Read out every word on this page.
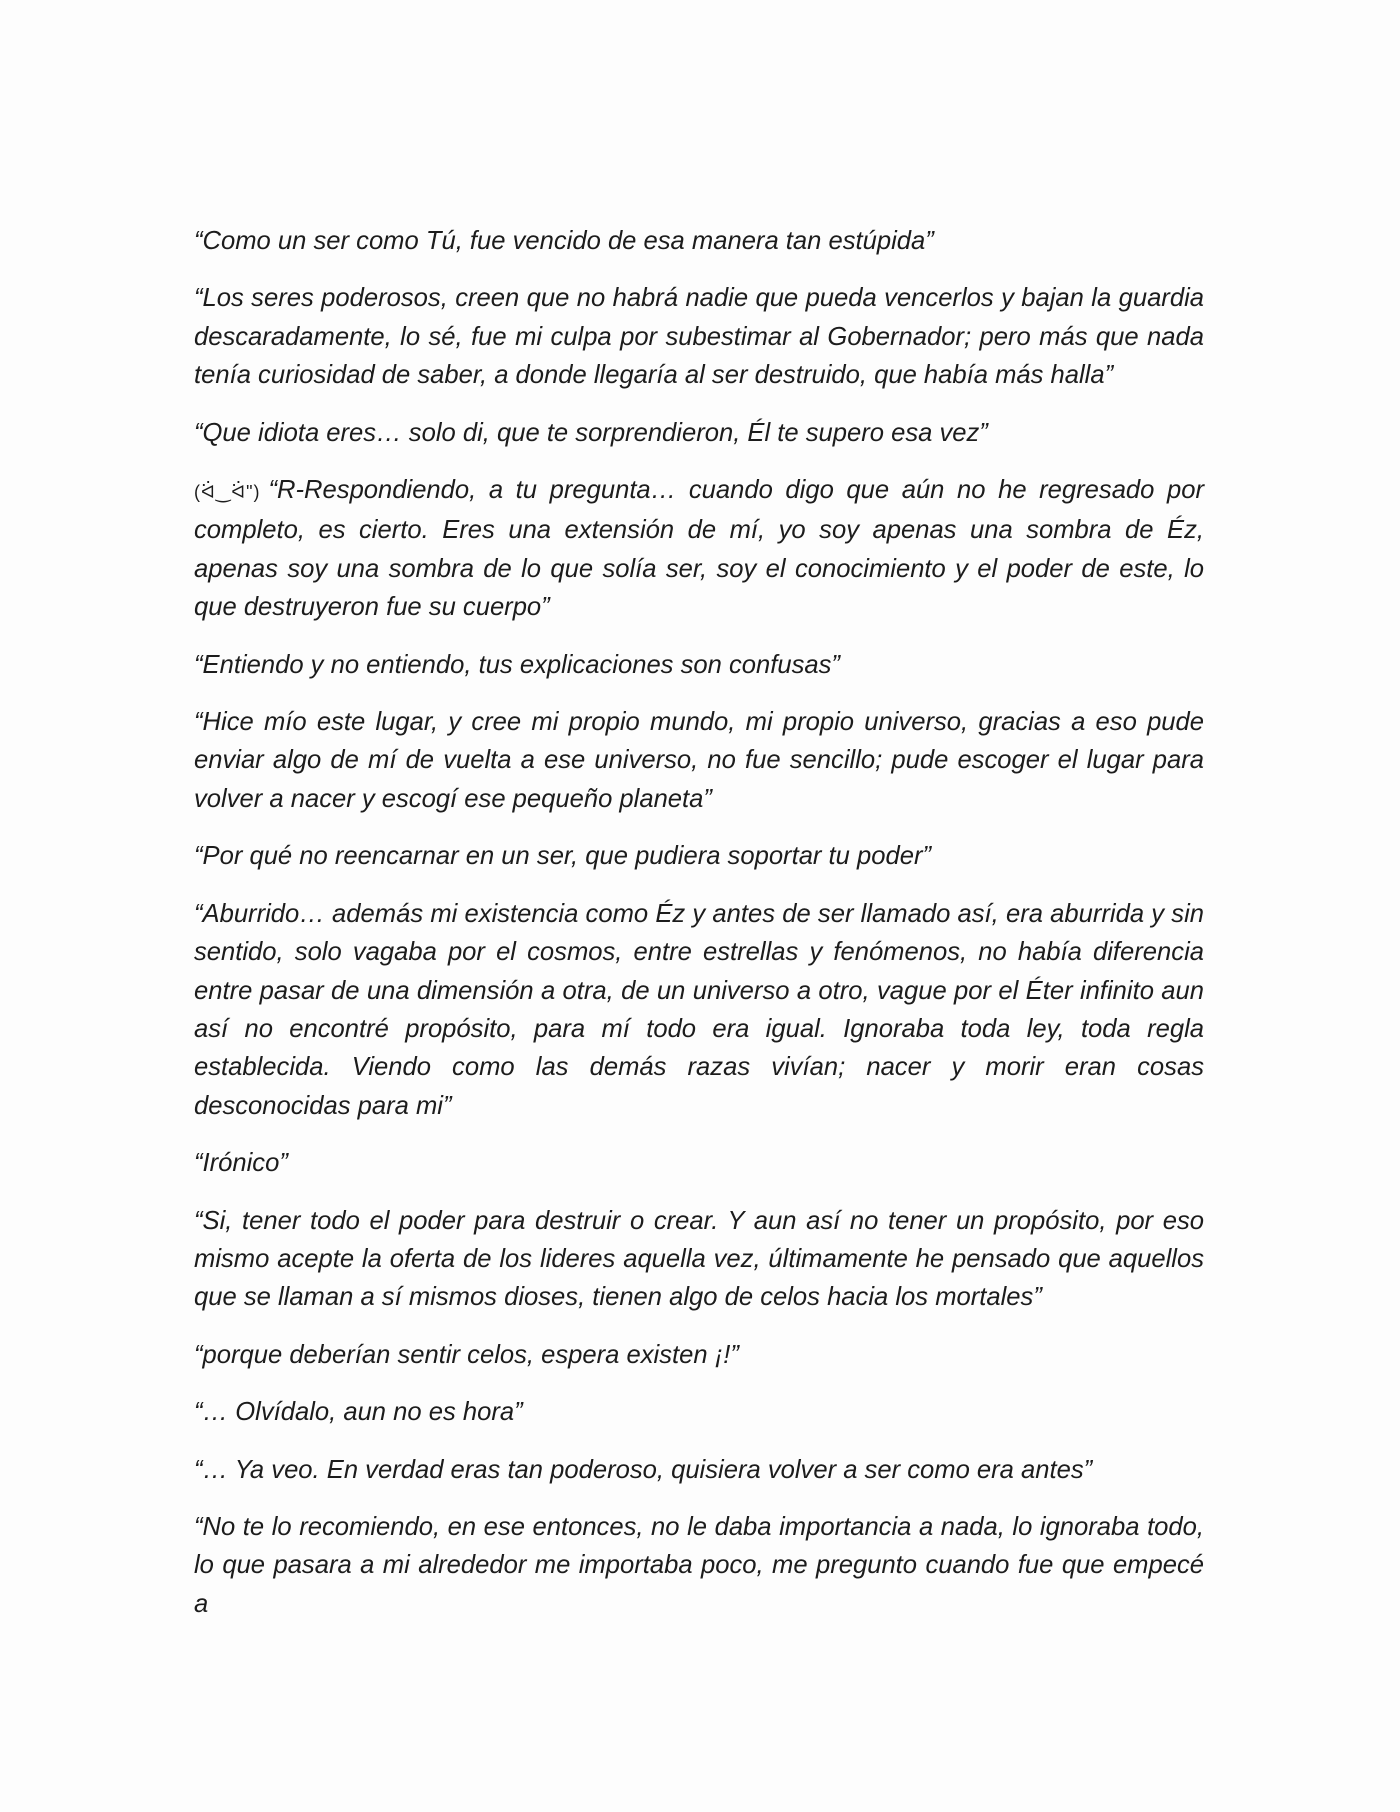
“Como un ser como Tú, fue vencido de esa manera tan estúpida”

“Los seres poderosos, creen que no habrá nadie que pueda vencerlos y bajan la guardia descaradamente, lo sé, fue mi culpa por subestimar al Gobernador; pero más que nada tenía curiosidad de saber, a donde llegaría al ser destruido, que había más halla”

“Que idiota eres… solo di, que te sorprendieron, Él te supero esa vez”

(ᐛ‿ᐛ") “R-Respondiendo, a tu pregunta… cuando digo que aún no he regresado por completo, es cierto. Eres una extensión de mí, yo soy apenas una sombra de Éz, apenas soy una sombra de lo que solía ser, soy el conocimiento y el poder de este, lo que destruyeron fue su cuerpo”

“Entiendo y no entiendo, tus explicaciones son confusas”

“Hice mío este lugar, y cree mi propio mundo, mi propio universo, gracias a eso pude enviar algo de mí de vuelta a ese universo, no fue sencillo; pude escoger el lugar para volver a nacer y escogí ese pequeño planeta”

“Por qué no reencarnar en un ser, que pudiera soportar tu poder”

“Aburrido… además mi existencia como Éz y antes de ser llamado así, era aburrida y sin sentido, solo vagaba por el cosmos, entre estrellas y fenómenos, no había diferencia entre pasar de una dimensión a otra, de un universo a otro, vague por el Éter infinito aun así no encontré propósito, para mí todo era igual. Ignoraba toda ley, toda regla establecida. Viendo como las demás razas vivían; nacer y morir eran cosas desconocidas para mi”

“Irónico”

“Si, tener todo el poder para destruir o crear. Y aun así no tener un propósito, por eso mismo acepte la oferta de los lideres aquella vez, últimamente he pensado que aquellos que se llaman a sí mismos dioses, tienen algo de celos hacia los mortales”

“porque deberían sentir celos, espera existen ¡!”

“… Olvídalo, aun no es hora”

“… Ya veo. En verdad eras tan poderoso, quisiera volver a ser como era antes”

“No te lo recomiendo, en ese entonces, no le daba importancia a nada, lo ignoraba todo, lo que pasara a mi alrededor me importaba poco, me pregunto cuando fue que empecé a
